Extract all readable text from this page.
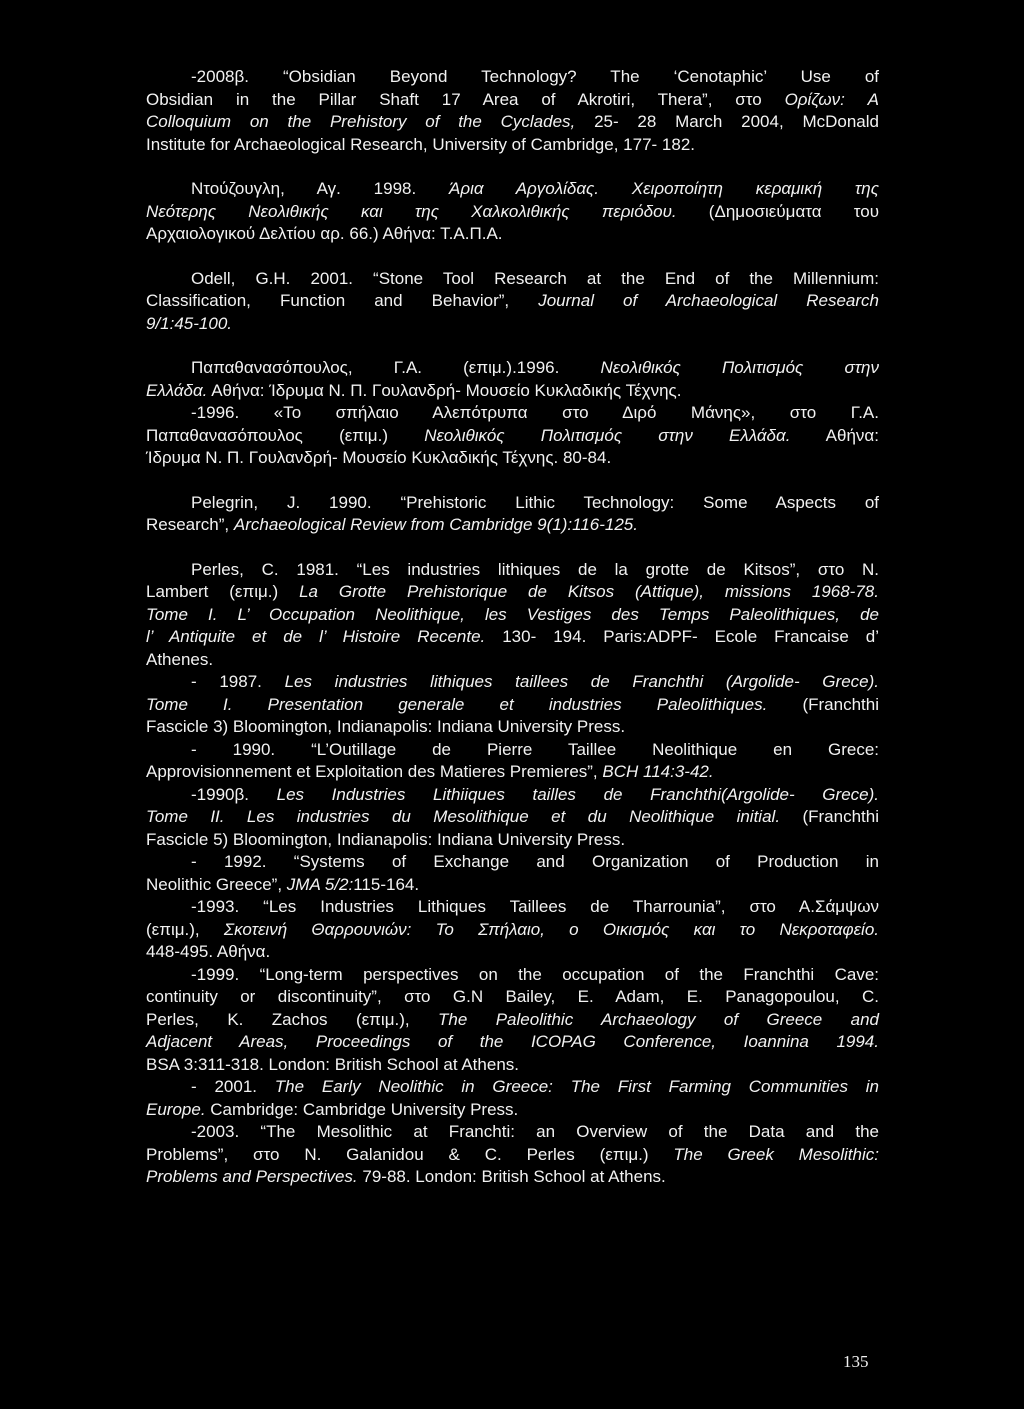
-2008β. “Obsidian Beyond Technology? The ‘Cenotaphic’ Use of
Obsidian in the Pillar Shaft 17 Area of Akrotiri, Thera”, στο Ορίζων: A
Colloquium on the Prehistory of the Cyclades, 25- 28 March 2004, McDonald
Institute for Archaeological Research, University of Cambridge, 177- 182.
Ντούζουγλη, Αγ. 1998. Άρια Αργολίδας. Χειροποίητη κεραμική της
Νεότερης Νεολιθικής και της Χαλκολιθικής περιόδου. (Δημοσιεύματα του
Αρχαιολογικού Δελτίου αρ. 66.) Αθήνα: Τ.Α.Π.Α.
Odell, G.H. 2001. “Stone Tool Research at the End of the Millennium:
Classification, Function and Behavior”, Journal of Archaeological Research
9/1:45-100.
Παπαθανασόπουλος, Γ.Α. (επιμ.).1996. Νεολιθικός Πολιτισμός στην
Ελλάδα. Αθήνα: Ίδρυμα Ν. Π. Γουλανδρή- Μουσείο Κυκλαδικής Τέχνης.
-1996. «Το σπήλαιο Αλεπότρυπα στο Διρό Μάνης», στο Γ.Α.
Παπαθανασόπουλος (επιμ.) Νεολιθικός Πολιτισμός στην Ελλάδα. Αθήνα:
Ίδρυμα Ν. Π. Γουλανδρή- Μουσείο Κυκλαδικής Τέχνης. 80-84.
Pelegrin, J. 1990. “Prehistoric Lithic Technology: Some Aspects of
Research”, Archaeological Review from Cambridge 9(1):116-125.
Perles, C. 1981. “Les industries lithiques de la grotte de Kitsos”, στο N.
Lambert (επιμ.) La Grotte Prehistorique de Kitsos (Attique), missions 1968-78.
Tome I. L’ Occupation Neolithique, les Vestiges des Temps Paleolithiques, de
l’ Antiquite et de l’ Histoire Recente. 130- 194. Paris:ADPF- Ecole Francaise d’
Athenes.
- 1987. Les industries lithiques taillees de Franchthi (Argolide- Grece).
Tome I. Presentation generale et industries Paleolithiques. (Franchthi
Fascicle 3) Bloomington, Indianapolis: Indiana University Press.
- 1990. “L’Outillage de Pierre Taillee Neolithique en Grece:
Approvisionnement et Exploitation des Matieres Premieres”, BCH 114:3-42.
-1990β. Les Industries Lithiiques tailles de Franchthi(Argolide- Grece).
Tome II. Les industries du Mesolithique et du Neolithique initial. (Franchthi
Fascicle 5) Bloomington, Indianapolis: Indiana University Press.
- 1992. “Systems of Exchange and Organization of Production in
Neolithic Greece”, JMA 5/2:115-164.
-1993. “Les Industries Lithiques Taillees de Tharrounia”, στο Α.Σάμψων
(επιμ.), Σκοτεινή Θαρρουνιών: Το Σπήλαιο, ο Οικισμός και το Νεκροταφείο.
448-495. Αθήνα.
-1999. “Long-term perspectives on the occupation of the Franchthi Cave:
continuity or discontinuity”, στο G.N Bailey, E. Adam, E. Panagopoulou, C.
Perles, K. Zachos (επιμ.), The Paleolithic Archaeology of Greece and
Adjacent Areas, Proceedings of the ICOPAG Conference, Ioannina 1994.
BSA 3:311-318. London: British School at Athens.
- 2001. The Early Neolithic in Greece: The First Farming Communities in
Europe. Cambridge: Cambridge University Press.
-2003. “The Mesolithic at Franchti: an Overview of the Data and the
Problems”, στο N. Galanidou & C. Perles (επιμ.) The Greek Mesolithic:
Problems and Perspectives. 79-88. London: British School at Athens.
135
